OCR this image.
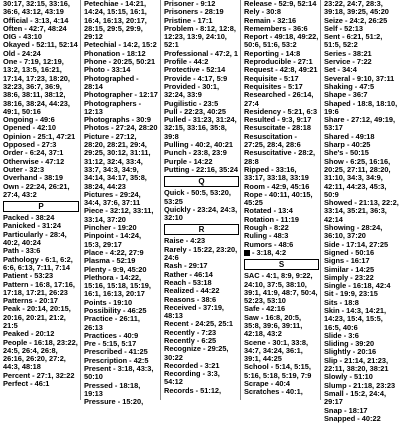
30:17, 32:15, 33:16, 36:6, 43:12, 43:19
Official - 3:13, 4:14
Often - 42:7, 48:24
OIG - 43:10
Okayed - 52:11, 52:14
Old - 24:24
One - 7:19, 12:19, 13:2, 13:5, 16:21, 17:14, 17:23, 18:20, 32:23, 36:7, 36:9, 38:6, 38:11, 38:12, 38:16, 38:24, 44:23, 49:1, 50:16
Ongoing - 49:6
Opened - 42:10
Opinion - 25:1, 47:21
Opposed - 27:3
Order - 6:24, 37:1
Otherwise - 47:12
Outer - 32:3
Overhand - 38:19
Own - 22:24, 26:21, 27:4, 43:2
P
Packed - 38:24
Panicked - 31:24
Particularly - 28:4, 40:2, 40:24
Path - 33:6
Pathology - 6:1, 6:2, 6:6, 6:13, 7:11, 7:14
Patient - 53:23
Pattern - 16:8, 17:16, 17:18, 17:21, 26:23
Patterns - 20:17
Peak - 20:14, 20:15, 20:16, 20:21, 21:2, 21:5
Peaked - 20:12
People - 16:18, 23:22, 24:5, 26:4, 26:8, 26:16, 26:20, 27:2, 44:3, 48:18
Percent - 27:1, 32:22
Perfect - 46:1
Petechiae - 14:21, 14:24, 15:15, 16:1, 16:4, 16:13, 20:17, 28:15, 29:5, 29:9, 29:12
Petechial - 14:2, 15:2
Phonation - 18:12
Phone - 20:25, 50:21
Photo - 33:14
Photographed - 28:14
Photographer - 12:17
Photographers - 12:13
Photographs - 30:9
Photos - 27:24, 28:20
Picture - 27:12, 28:20, 28:21, 29:4, 29:25, 30:12, 31:11, 31:12, 32:4, 33:4, 33:7, 34:3, 34:9, 34:14, 34:17, 35:8, 38:24, 44:23
Pictures - 29:24, 34:4, 37:6, 37:11
Piece - 32:12, 33:11, 33:14, 37:20
Pincher - 19:20
Pinpoint - 14:24, 15:3, 29:17
Place - 4:22, 27:9
Plasma - 52:19
Plenty - 9:9, 45:20
Plethora - 14:22, 15:16, 15:18, 15:19, 16:1, 16:13, 20:17
Points - 19:10
Possibility - 46:25
Practice - 26:11, 26:13
Practices - 40:9
Pre - 5:15, 5:17
Prescribed - 41:25
Prescription - 42:5
Present - 3:18, 43:3, 50:10
Pressed - 18:18, 19:13
Pressure - 15:20,
Prisoner - 9:12
Prisoners - 28:19
Pristine - 17:1
Problem - 8:12, 12:8, 12:23, 13:9, 24:10, 52:1
Professional - 47:2, 1
Profile - 44:2
Protective - 52:14
Provide - 4:17, 5:9
Provided - 30:1, 32:24, 33:9
Pugilistic - 23:5
Pull - 22:23, 40:25
Pulled - 31:23, 31:24, 32:15, 33:16, 35:8, 39:8
Pulling - 40:2, 40:21
Punch - 23:8, 23:9
Purple - 14:22
Putting - 22:16, 35:24
Q
Quick - 50:5, 53:20, 53:25
Quickly - 23:24, 24:3, 32:10
R
Raise - 4:23
Rarely - 15:22, 23:20, 24:6
Rash - 29:17
Rather - 46:14
Reach - 53:18
Realized - 44:22
Reasons - 38:6
Received - 37:19, 48:13
Recent - 24:25, 25:1
Recently - 7:23
Recently - 6:25
Recognize - 29:25, 30:22
Recorded - 3:21
Recording - 3:3, 54:12
Records - 51:12,
Release - 52:9, 52:14
Rely - 30:8
Remain - 32:16
Remembers - 36:6
Report - 49:18, 49:22, 50:6, 51:6, 53:2
Reporting - 14:8
Reproducible - 27:1
Request - 42:8, 49:21
Requisite - 5:17
Requisites - 5:17
Researched - 26:14, 27:4
Residency - 5:21, 6:3
Resulted - 9:3, 9:17
Resuscitate - 28:18
Resuscitation - 27:25, 28:4, 28:6
Resuscitative - 28:2, 28:8
Ripped - 33:16, 33:17, 33:18, 33:19
Room - 42:9, 45:16
Rope - 40:11, 40:15, 45:25
Rotated - 13:4
Rotation - 11:19
Rough - 8:22
Ruling - 48:3
Rumors - 48:6
- 3:18, 4:2
S
SAC - 4:1, 8:9, 9:22, 24:10, 37:5, 38:10, 39:1, 41:9, 48:7, 50:4, 52:23, 53:10
Safe - 42:16
Saw - 16:8, 20:5, 35:8, 39:6, 39:11, 42:18, 43:2
Scene - 30:1, 33:8, 34:7, 34:24, 36:1, 39:1, 44:25
School - 5:14, 5:15, 5:16, 5:18, 5:19, 7:9
Scrape - 40:4
Scratches - 40:1,
23:22, 24:7, 28:3, 39:18, 39:25, 45:20
Seize - 24:2, 26:25
Self - 52:13
Sent - 6:21, 51:2, 51:5, 52:2
Series - 38:21
Service - 7:22
Set - 34:4
Several - 9:10, 37:11
Shaking - 47:5
Shape - 36:7
Shaped - 18:8, 18:10, 19:6
Share - 27:12, 49:19, 53:17
Shared - 49:18
Sharp - 40:25
She's - 50:15
Show - 6:25, 16:16, 20:25, 27:11, 28:20, 31:10, 34:3, 34:9, 42:11, 44:23, 45:3, 50:9
Showed - 21:13, 22:2, 33:14, 35:21, 36:3, 42:14
Showing - 28:24, 36:10, 37:20
Side - 17:14, 27:25
Signed - 50:16
Signs - 16:17
Similar - 14:25
Simply - 23:22
Single - 16:18, 42:4
Sit - 19:9, 23:15
Sits - 18:8
Skin - 14:3, 14:21, 14:23, 15:4, 15:5, 16:5, 40:6
Slide - 3:6
Sliding - 39:20
Slightly - 20:16
Slip - 21:14, 21:23, 22:11, 38:20, 38:21
Slowly - 51:10
Slump - 21:18, 23:23
Small - 15:2, 24:4, 29:17
Snap - 18:17
Snapped - 40:22
